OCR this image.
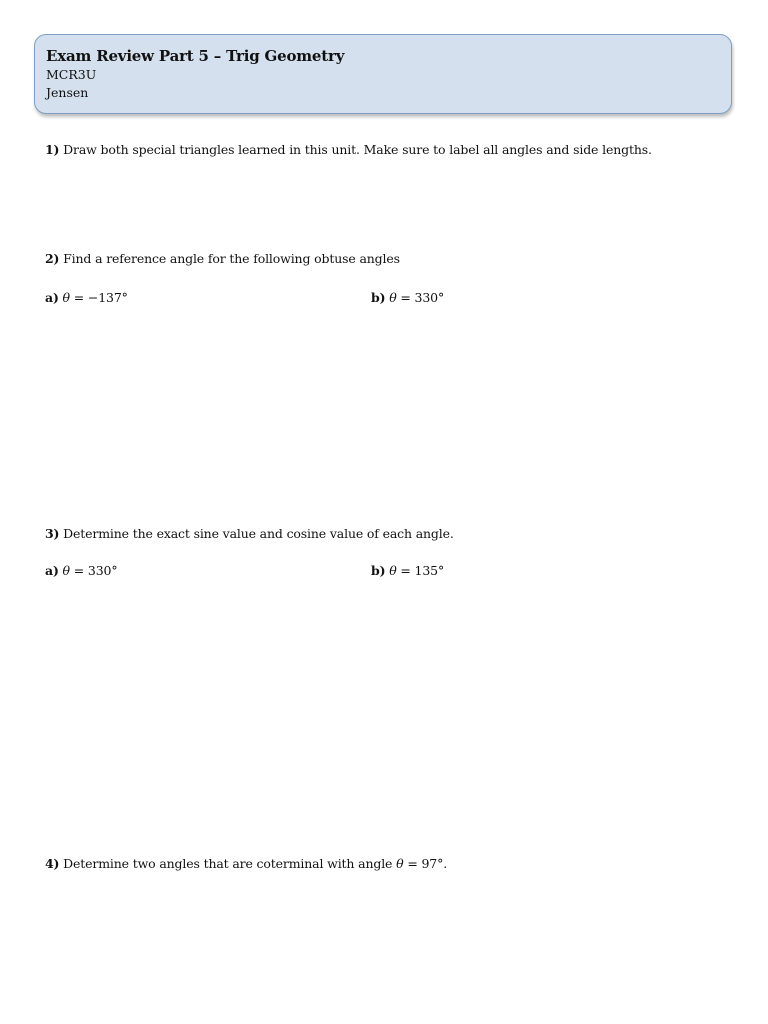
Exam Review Part 5 – Trig Geometry
MCR3U
Jensen
1) Draw both special triangles learned in this unit. Make sure to label all angles and side lengths.
2) Find a reference angle for the following obtuse angles
a) θ = −137°	b) θ = 330°
3) Determine the exact sine value and cosine value of each angle.
a) θ = 330°	b) θ = 135°
4) Determine two angles that are coterminal with angle θ = 97°.
